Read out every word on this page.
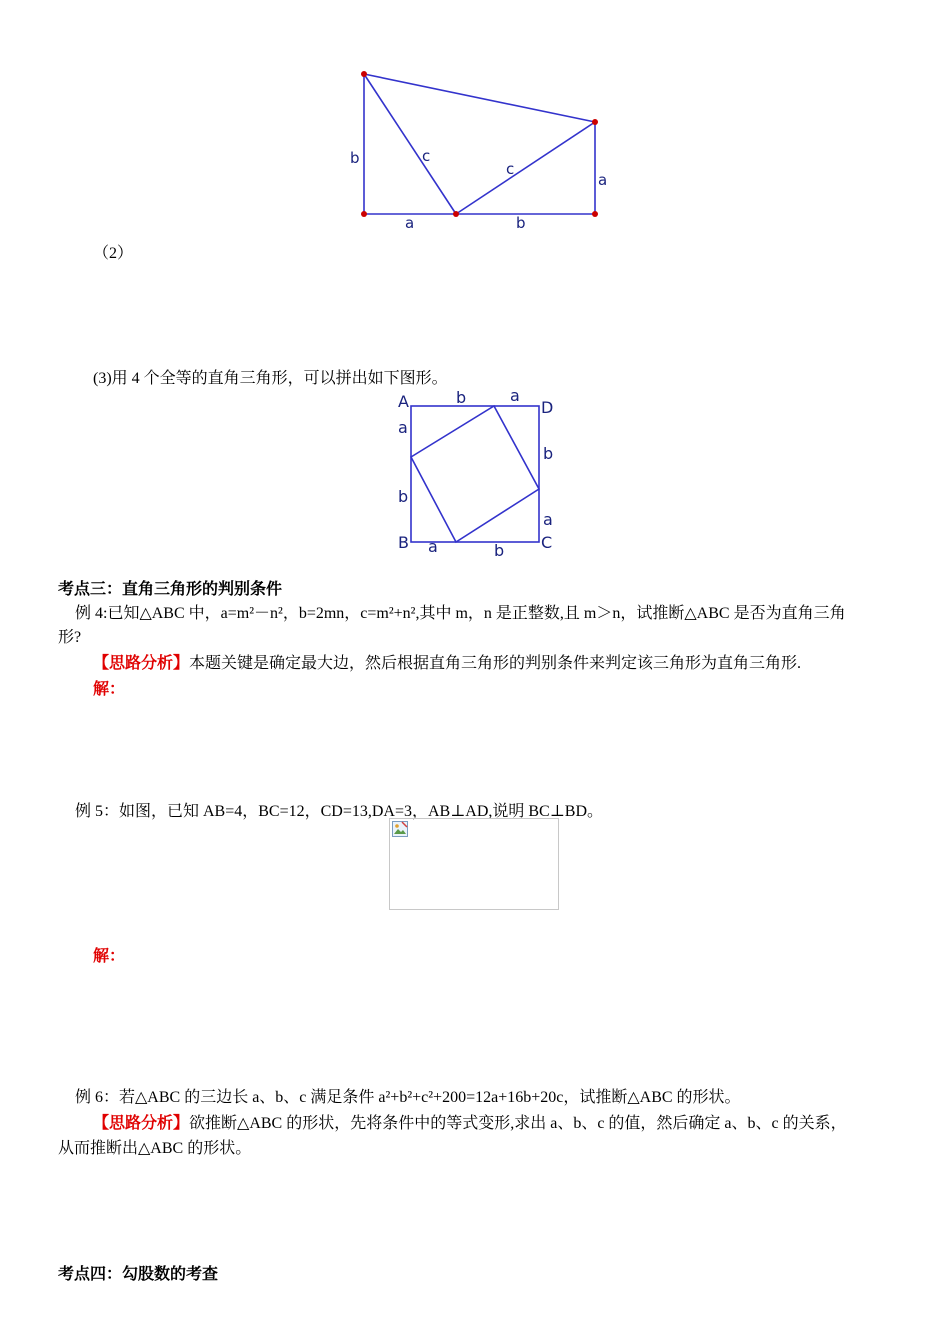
b	c
c
a
a	b
（2）
(3)用 4 个全等的直角三角形，可以拼出如下图形。
A	D
B	C
b	a
a
b
b
a
a	b
考点三：直角三角形的判别条件
例 4:已知△ABC 中，a=m²－n²，b=2mn，c=m²+n²,其中 m，n 是正整数,且 m＞n，试推断△ABC 是否为直角三角
形?
【思路分析】本题关键是确定最大边，然后根据直角三角形的判别条件来判定该三角形为直角三角形.
解：
例 5：如图，已知 AB=4，BC=12，CD=13,DA=3，AB⊥AD,说明 BC⊥BD。
解：
例 6：若△ABC 的三边长 a、b、c 满足条件 a²+b²+c²+200=12a+16b+20c，试推断△ABC 的形状。
【思路分析】欲推断△ABC 的形状，先将条件中的等式变形,求出 a、b、c 的值，然后确定 a、b、c 的关系，
从而推断出△ABC 的形状。
考点四：勾股数的考查
